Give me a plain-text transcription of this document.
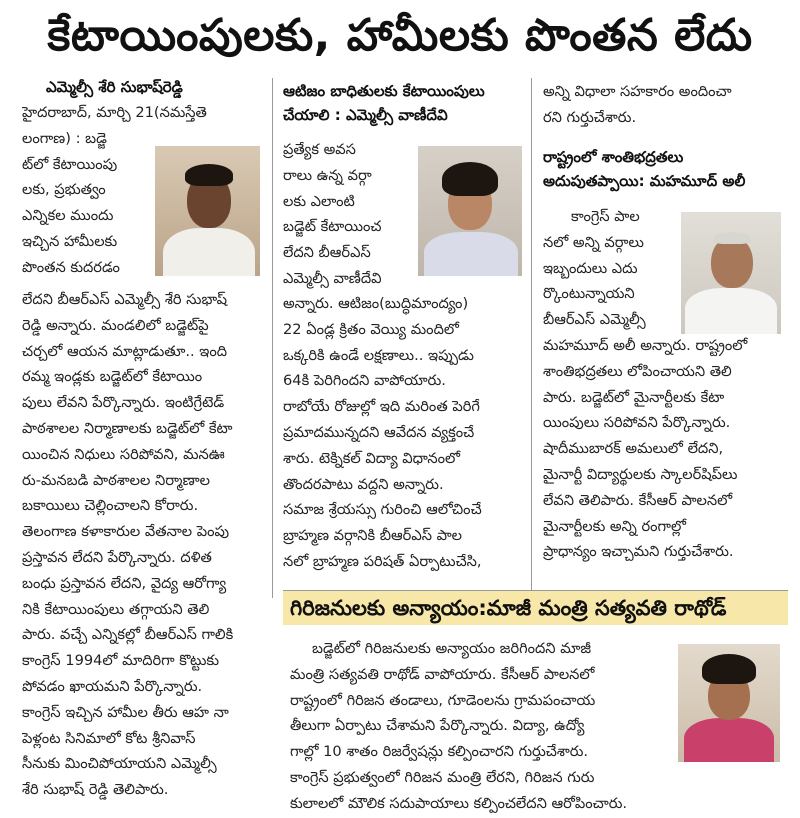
కేటాయింపులకు, హామీలకు పొంతన లేదు
ఎమ్మెల్సీ శేరి సుభాష్‌రెడ్డి
హైదరాబాద్‌, మార్చి 21(నమస్తేతె
లంగాణ) : బడ్జె
ట్‌లో కేటాయింపు
లకు, ప్రభుత్వం
ఎన్నికల ముందు
ఇచ్చిన హామీలకు
పొంతన కుదరడం
లేదని బీఆర్‌ఎస్‌ ఎమ్మెల్సీ శేరి సుభాష్‌
రెడ్డి అన్నారు. మండలిలో బడ్జెట్‌పై
చర్చలో ఆయన మాట్లాడుతూ.. ఇంది
రమ్మ ఇండ్లకు బడ్జెట్‌లో కేటాయిం
పులు లేవని పేర్కొన్నారు. ఇంటిగ్రేటెడ్‌
పాఠశాలల నిర్మాణాలకు బడ్జెట్‌లో కేటా
యించిన నిధులు సరిపోవని, మనఊ
రు-మనబడి పాఠశాలల నిర్మాణాల
బకాయిలు చెల్లించాలని కోరారు.
తెలంగాణ కళాకారుల వేతనాల పెంపు
ప్రస్తావన లేదని పేర్కొన్నారు. దళిత
బంధు ప్రస్తావన లేదని, వైద్య ఆరోగ్యా
నికి కేటాయింపులు తగ్గాయని తెలి
పారు. వచ్చే ఎన్నికల్లో బీఆర్‌ఎస్‌ గాలికి
కాంగ్రెస్‌ 1994లో మాదిరిగా కొట్టుకు
పోవడం ఖాయమని పేర్కొన్నారు.
కాంగ్రెస్‌ ఇచ్చిన హామీల తీరు ఆహ నా
పెళ్లంట సినిమాలో కోట శ్రీనివాస్‌
సీనుకు మించిపోయాయని ఎమ్మెల్సీ
శేరి సుభాష్‌ రెడ్డి తెలిపారు.
ఆటిజం బాధితులకు కేటాయింపులు
చేయాలి : ఎమ్మెల్సీ వాణీదేవి
ప్రత్యేక అవస
రాలు ఉన్న వర్గా
లకు ఎలాంటి
బడ్జెట్‌ కేటాయించ
లేదని బీఆర్‌ఎస్‌
ఎమ్మెల్సీ వాణీదేవి
అన్నారు. ఆటిజం(బుద్ధిమాంద్యం)
22 ఏండ్ల క్రితం వెయ్యి మందిలో
ఒక్కరికి ఉండే లక్షణాలు.. ఇప్పుడు
64కి పెరిగిందని వాపోయారు.
రాబోయే రోజుల్లో ఇది మరింత పెరిగే
ప్రమాదమున్నదని ఆవేదన వ్యక్తంచే
శారు. టెక్నికల్‌ విద్యా విధానంలో
తొందరపాటు వద్దని అన్నారు.
సమాజ శ్రేయస్సు గురించి ఆలోచించే
బ్రాహ్మణ వర్గానికి బీఆర్‌ఎస్‌ పాల
నలో బ్రాహ్మణ పరిషత్‌ ఏర్పాటుచేసి,
అన్ని విధాలా సహకారం అందించా
రని గుర్తుచేశారు.
రాష్ట్రంలో శాంతిభద్రతలు
అదుపుతప్పాయి: మహమూద్‌ అలీ
కాంగ్రెస్‌ పాల
నలో అన్ని వర్గాలు
ఇబ్బందులు ఎదు
ర్కొంటున్నాయని
బీఆర్‌ఎస్‌ ఎమ్మెల్సీ
మహమూద్‌ అలీ అన్నారు. రాష్ట్రంలో
శాంతిభద్రతలు లోపించాయని తెలి
పారు. బడ్జెట్‌లో మైనార్టీలకు కేటా
యింపులు సరిపోవని పేర్కొన్నారు.
షాదీముబారక్‌ అమలులో లేదని,
మైనార్టీ విద్యార్థులకు స్కాలర్‌షిప్‌లు
లేవని తెలిపారు. కేసీఆర్‌ పాలనలో
మైనార్టీలకు అన్ని రంగాల్లో
ప్రాధాన్యం ఇచ్చామని గుర్తుచేశారు.
గిరిజనులకు అన్యాయం:మాజీ మంత్రి సత్యవతి రాథోడ్‌
బడ్జెట్‌లో గిరిజనులకు అన్యాయం జరిగిందని మాజీ
మంత్రి సత్యవతి రాథోడ్‌ వాపోయారు. కేసీఆర్‌ పాలనలో
రాష్ట్రంలో గిరిజన తండాలు, గూడెంలను గ్రామపంచాయ
తీలుగా ఏర్పాటు చేశామని పేర్కొన్నారు. విద్యా, ఉద్యో
గాల్లో 10 శాతం రిజర్వేషన్లు కల్పించారని గుర్తుచేశారు.
కాంగ్రెస్‌ ప్రభుత్వంలో గిరిజన మంత్రి లేరని, గిరిజన గురు
కులాలలో మౌలిక సదుపాయాలు కల్పించలేదని ఆరోపించారు.
